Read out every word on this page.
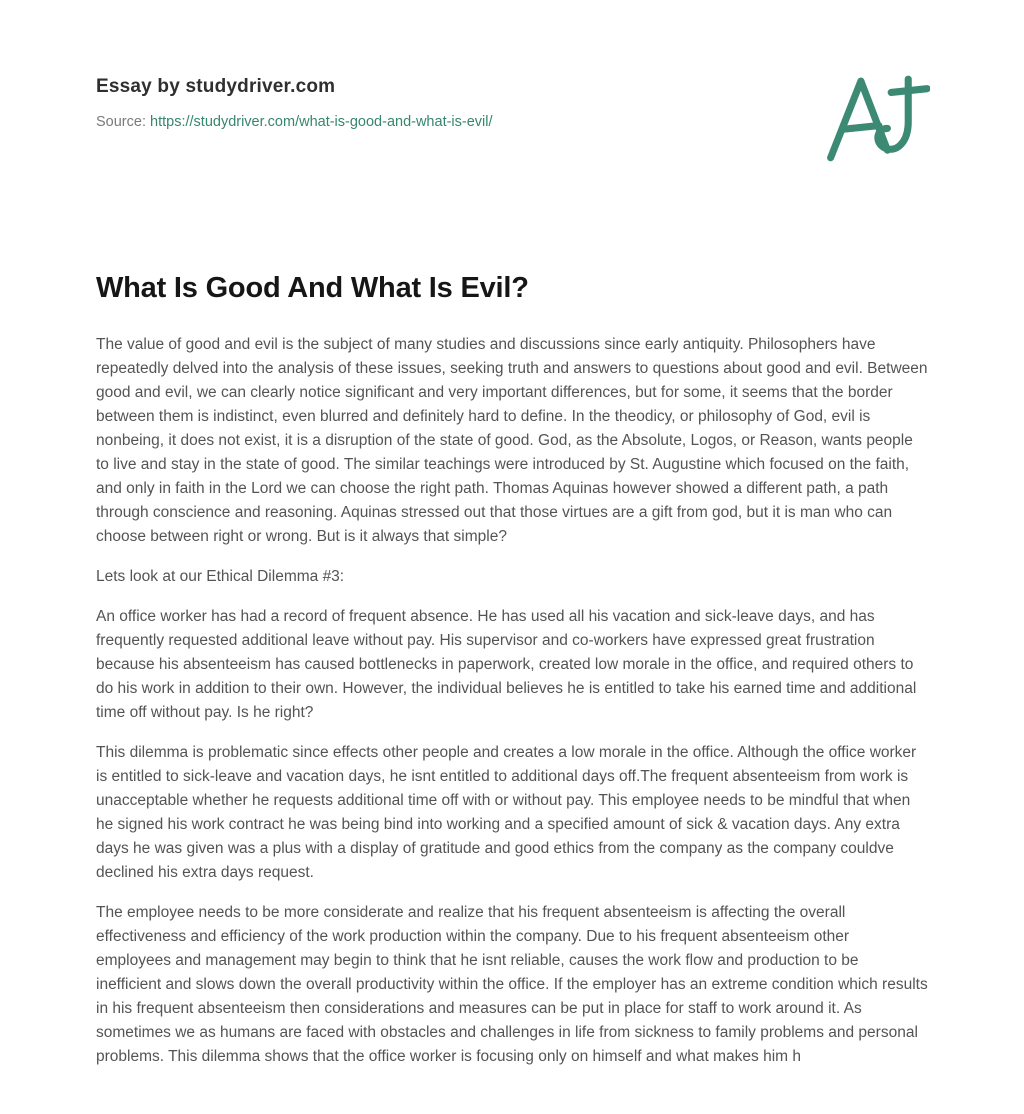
Essay by studydriver.com

Source: https://studydriver.com/what-is-good-and-what-is-evil/

What Is Good And What Is Evil?

The value of good and evil is the subject of many studies and discussions since early antiquity. Philosophers have repeatedly delved into the analysis of these issues, seeking truth and answers to questions about good and evil. Between good and evil, we can clearly notice significant and very important differences, but for some, it seems that the border between them is indistinct, even blurred and definitely hard to define. In the theodicy, or philosophy of God, evil is nonbeing, it does not exist, it is a disruption of the state of good. God, as the Absolute, Logos, or Reason, wants people to live and stay in the state of good. The similar teachings were introduced by St. Augustine which focused on the faith, and only in faith in the Lord we can choose the right path. Thomas Aquinas however showed a different path, a path through conscience and reasoning. Aquinas stressed out that those virtues are a gift from god, but it is man who can choose between right or wrong. But is it always that simple?

Lets look at our Ethical Dilemma #3:

An office worker has had a record of frequent absence. He has used all his vacation and sick-leave days, and has frequently requested additional leave without pay. His supervisor and co-workers have expressed great frustration because his absenteeism has caused bottlenecks in paperwork, created low morale in the office, and required others to do his work in addition to their own. However, the individual believes he is entitled to take his earned time and additional time off without pay. Is he right?

This dilemma is problematic since effects other people and creates a low morale in the office. Although the office worker is entitled to sick-leave and vacation days, he isnt entitled to additional days off.The frequent absenteeism from work is unacceptable whether he requests additional time off with or without pay. This employee needs to be mindful that when he signed his work contract he was being bind into working and a specified amount of sick & vacation days. Any extra days he was given was a plus with a display of gratitude and good ethics from the company as the company couldve declined his extra days request.

The employee needs to be more considerate and realize that his frequent absenteeism is affecting the overall effectiveness and efficiency of the work production within the company. Due to his frequent absenteeism other employees and management may begin to think that he isnt reliable, causes the work flow and production to be inefficient and slows down the overall productivity within the office. If the employer has an extreme condition which results in his frequent absenteeism then considerations and measures can be put in place for staff to work around it. As sometimes we as humans are faced with obstacles and challenges in life from sickness to family problems and personal problems. This dilemma shows that the office worker is focusing only on himself and what makes him h
